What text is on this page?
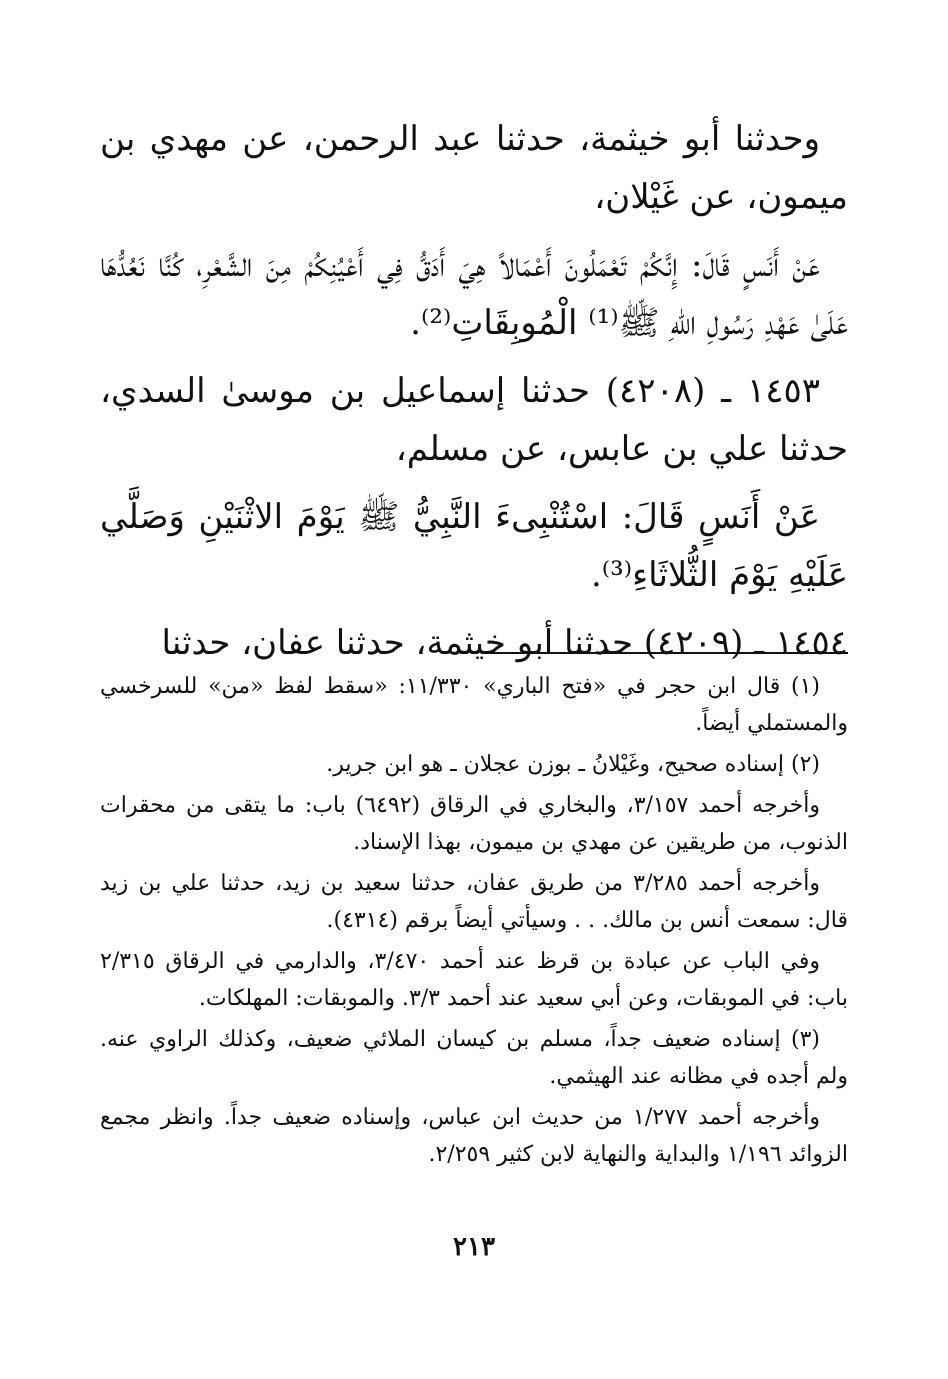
وحدثنا أبو خيثمة، حدثنا عبد الرحمن، عن مهدي بن ميمون، عن غَيْلان،

عَنْ أَنَسٍ قَالَ: إِنَّكُمْ تَعْمَلُونَ أَعْمَالاً هِيَ أَدَقُّ فِي أَعْيُنِكُمْ مِنَ الشَّعْرِ، كُنَّا نَعُدُّهَا عَلَىٰ عَهْدِ رَسُولِ اللهِ ﷺ⁽¹⁾ الْمُوبِقَاتِ⁽²⁾.

١٤٥٣ ـ (٤٢٠٨) حدثنا إسماعيل بن موسىٰ السدي، حدثنا علي بن عابس، عن مسلم،

عَنْ أَنَسٍ قَالَ: اسْتُنْبِىءَ النَّبِيُّ ﷺ يَوْمَ الاثْنَيْنِ وَصَلَّي عَلَيْهِ يَوْمَ الثُّلاثَاءِ⁽³⁾.

١٤٥٤ ـ (٤٢٠٩) حدثنا أبو خيثمة، حدثنا عفان، حدثنا

(١) قال ابن حجر في «فتح الباري» ١١/٣٣٠: «سقط لفظ «من» للسرخسي والمستملي أيضاً.

(٢) إسناده صحيح، وغَيْلانُ ـ بوزن عجلان ـ هو ابن جرير.

وأخرجه أحمد ٣/١٥٧، والبخاري في الرقاق (٦٤٩٢) باب: ما يتقى من محقرات الذنوب، من طريقين عن مهدي بن ميمون، بهذا الإسناد.

وأخرجه أحمد ٣/٢٨٥ من طريق عفان، حدثنا سعيد بن زيد، حدثنا علي بن زيد قال: سمعت أنس بن مالك. . . وسيأتي أيضاً برقم (٤٣١٤).

وفي الباب عن عبادة بن قرظ عند أحمد ٣/٤٧٠، والدارمي في الرقاق ٢/٣١٥ باب: في الموبقات، وعن أبي سعيد عند أحمد ٣/٣. والموبقات: المهلكات.

(٣) إسناده ضعيف جداً، مسلم بن كيسان الملائي ضعيف، وكذلك الراوي عنه. ولم أجده في مظانه عند الهيثمي.

وأخرجه أحمد ١/٢٧٧ من حديث ابن عباس، وإسناده ضعيف جداً. وانظر مجمع الزوائد ١/١٩٦ والبداية والنهاية لابن كثير ٢/٢٥٩.

٢١٣
